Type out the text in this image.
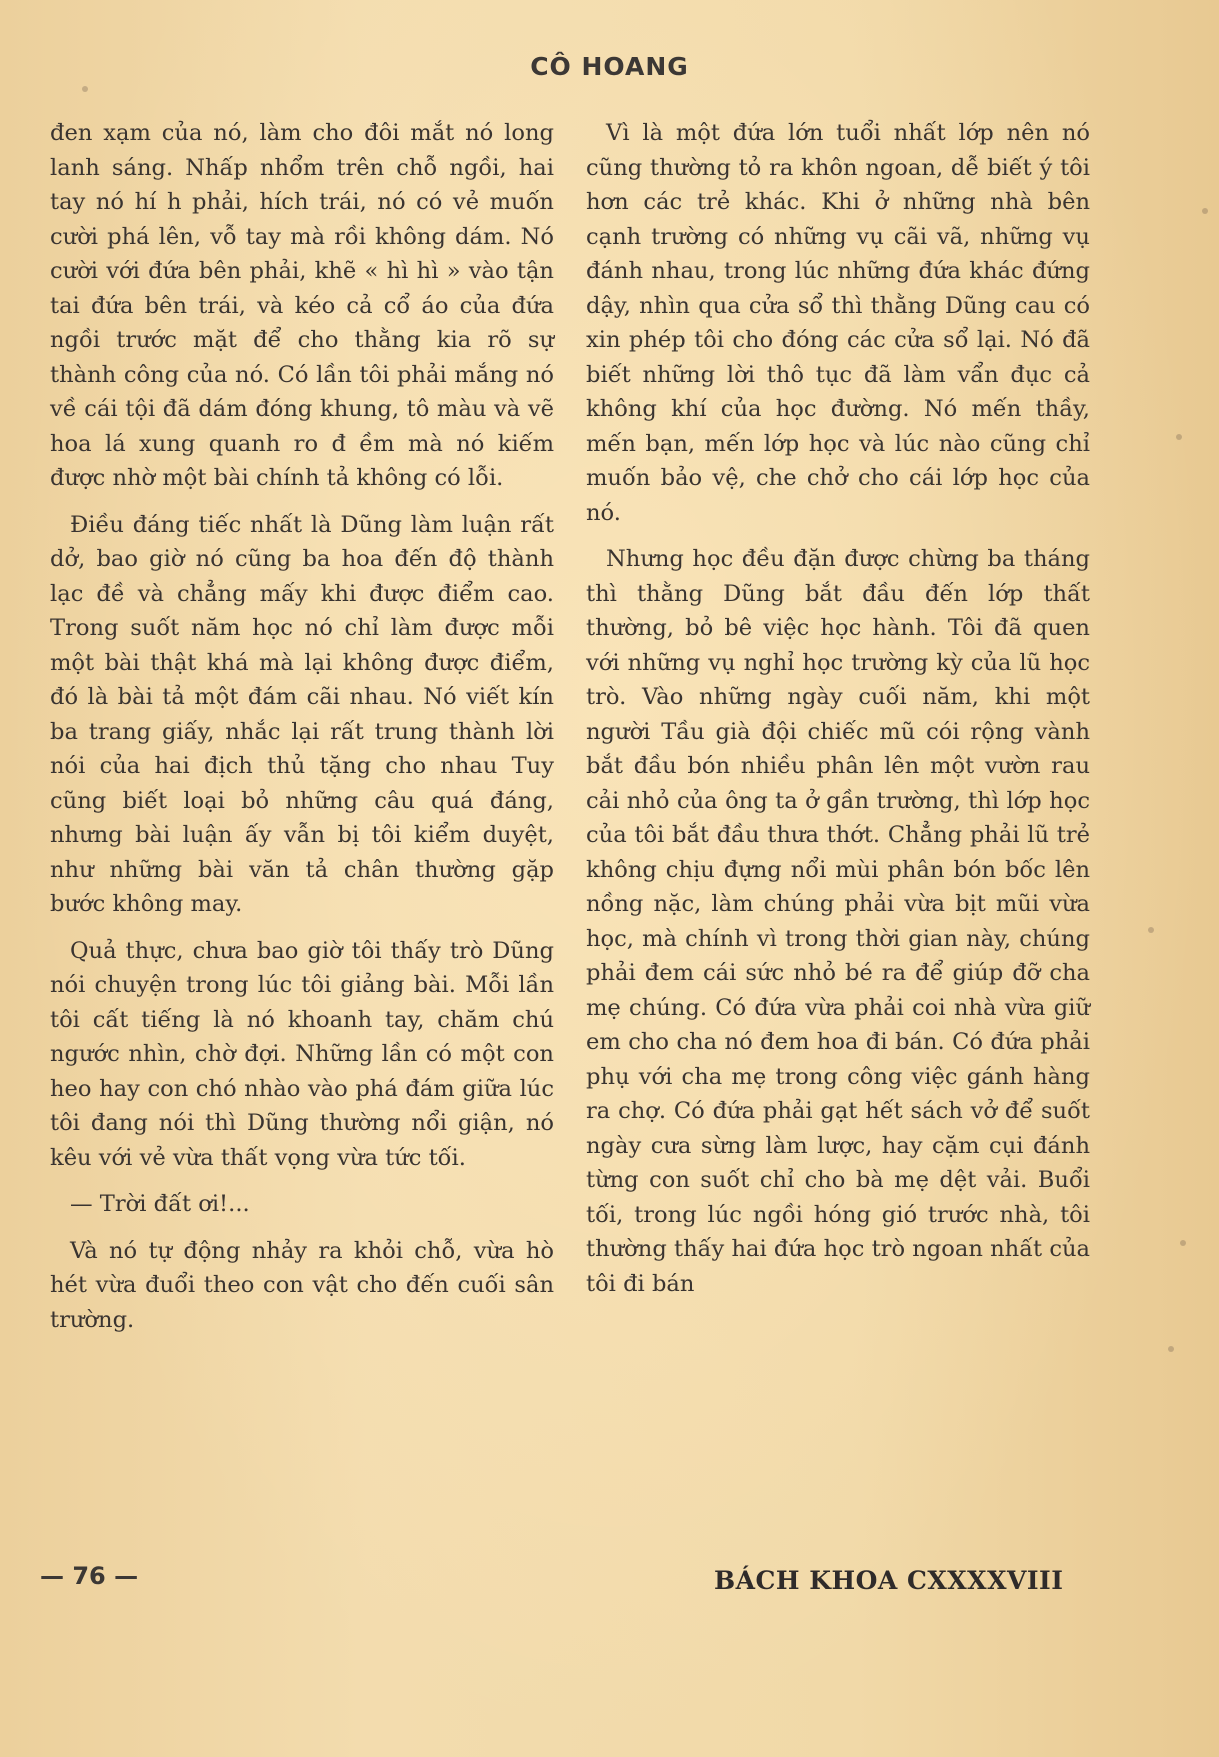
CÔ HOANG

đen xạm của nó, làm cho đôi mắt nó long lanh sáng. Nhấp nhổm trên chỗ ngồi, hai tay nó hí h phải, hích trái, nó có vẻ muốn cười phá lên, vỗ tay mà rồi không dám. Nó cười với đứa bên phải, khẽ « hì hì » vào tận tai đứa bên trái, và kéo cả cổ áo của đứa ngồi trước mặt để cho thằng kia rõ sự thành công của nó. Có lần tôi phải mắng nó về cái tội đã dám đóng khung, tô màu và vẽ hoa lá xung quanh ro đ ềm mà nó kiếm được nhờ một bài chính tả không có lỗi.

Điều đáng tiếc nhất là Dũng làm luận rất dở, bao giờ nó cũng ba hoa đến độ thành lạc đề và chẳng mấy khi được điểm cao. Trong suốt năm học nó chỉ làm được mỗi một bài thật khá mà lại không được điểm, đó là bài tả một đám cãi nhau. Nó viết kín ba trang giấy, nhắc lại rất trung thành lời nói của hai địch thủ tặng cho nhau Tuy cũng biết loại bỏ những câu quá đáng, nhưng bài luận ấy vẫn bị tôi kiểm duyệt, như những bài văn tả chân thường gặp bước không may.

Quả thực, chưa bao giờ tôi thấy trò Dũng nói chuyện trong lúc tôi giảng bài. Mỗi lần tôi cất tiếng là nó khoanh tay, chăm chú ngước nhìn, chờ đợi. Những lần có một con heo hay con chó nhào vào phá đám giữa lúc tôi đang nói thì Dũng thường nổi giận, nó kêu với vẻ vừa thất vọng vừa tức tối.

— Trời đất ơi!...

Và nó tự động nhảy ra khỏi chỗ, vừa hò hét vừa đuổi theo con vật cho đến cuối sân trường.

Vì là một đứa lớn tuổi nhất lớp nên nó cũng thường tỏ ra khôn ngoan, dễ biết ý tôi hơn các trẻ khác. Khi ở những nhà bên cạnh trường có những vụ cãi vã, những vụ đánh nhau, trong lúc những đứa khác đứng dậy, nhìn qua cửa sổ thì thằng Dũng cau có xin phép tôi cho đóng các cửa sổ lại. Nó đã biết những lời thô tục đã làm vẩn đục cả không khí của học đường. Nó mến thầy, mến bạn, mến lớp học và lúc nào cũng chỉ muốn bảo vệ, che chở cho cái lớp học của nó.

Nhưng học đều đặn được chừng ba tháng thì thằng Dũng bắt đầu đến lớp thất thường, bỏ bê việc học hành. Tôi đã quen với những vụ nghỉ học trường kỳ của lũ học trò. Vào những ngày cuối năm, khi một người Tầu già đội chiếc mũ cói rộng vành bắt đầu bón nhiều phân lên một vườn rau cải nhỏ của ông ta ở gần trường, thì lớp học của tôi bắt đầu thưa thớt. Chẳng phải lũ trẻ không chịu đựng nổi mùi phân bón bốc lên nồng nặc, làm chúng phải vừa bịt mũi vừa học, mà chính vì trong thời gian này, chúng phải đem cái sức nhỏ bé ra để giúp đỡ cha mẹ chúng. Có đứa vừa phải coi nhà vừa giữ em cho cha nó đem hoa đi bán. Có đứa phải phụ với cha mẹ trong công việc gánh hàng ra chợ. Có đứa phải gạt hết sách vở để suốt ngày cưa sừng làm lược, hay cặm cụi đánh từng con suốt chỉ cho bà mẹ dệt vải. Buổi tối, trong lúc ngồi hóng gió trước nhà, tôi thường thấy hai đứa học trò ngoan nhất của tôi đi bán

— 76 —	BÁCH KHOA CXXXXVIII
